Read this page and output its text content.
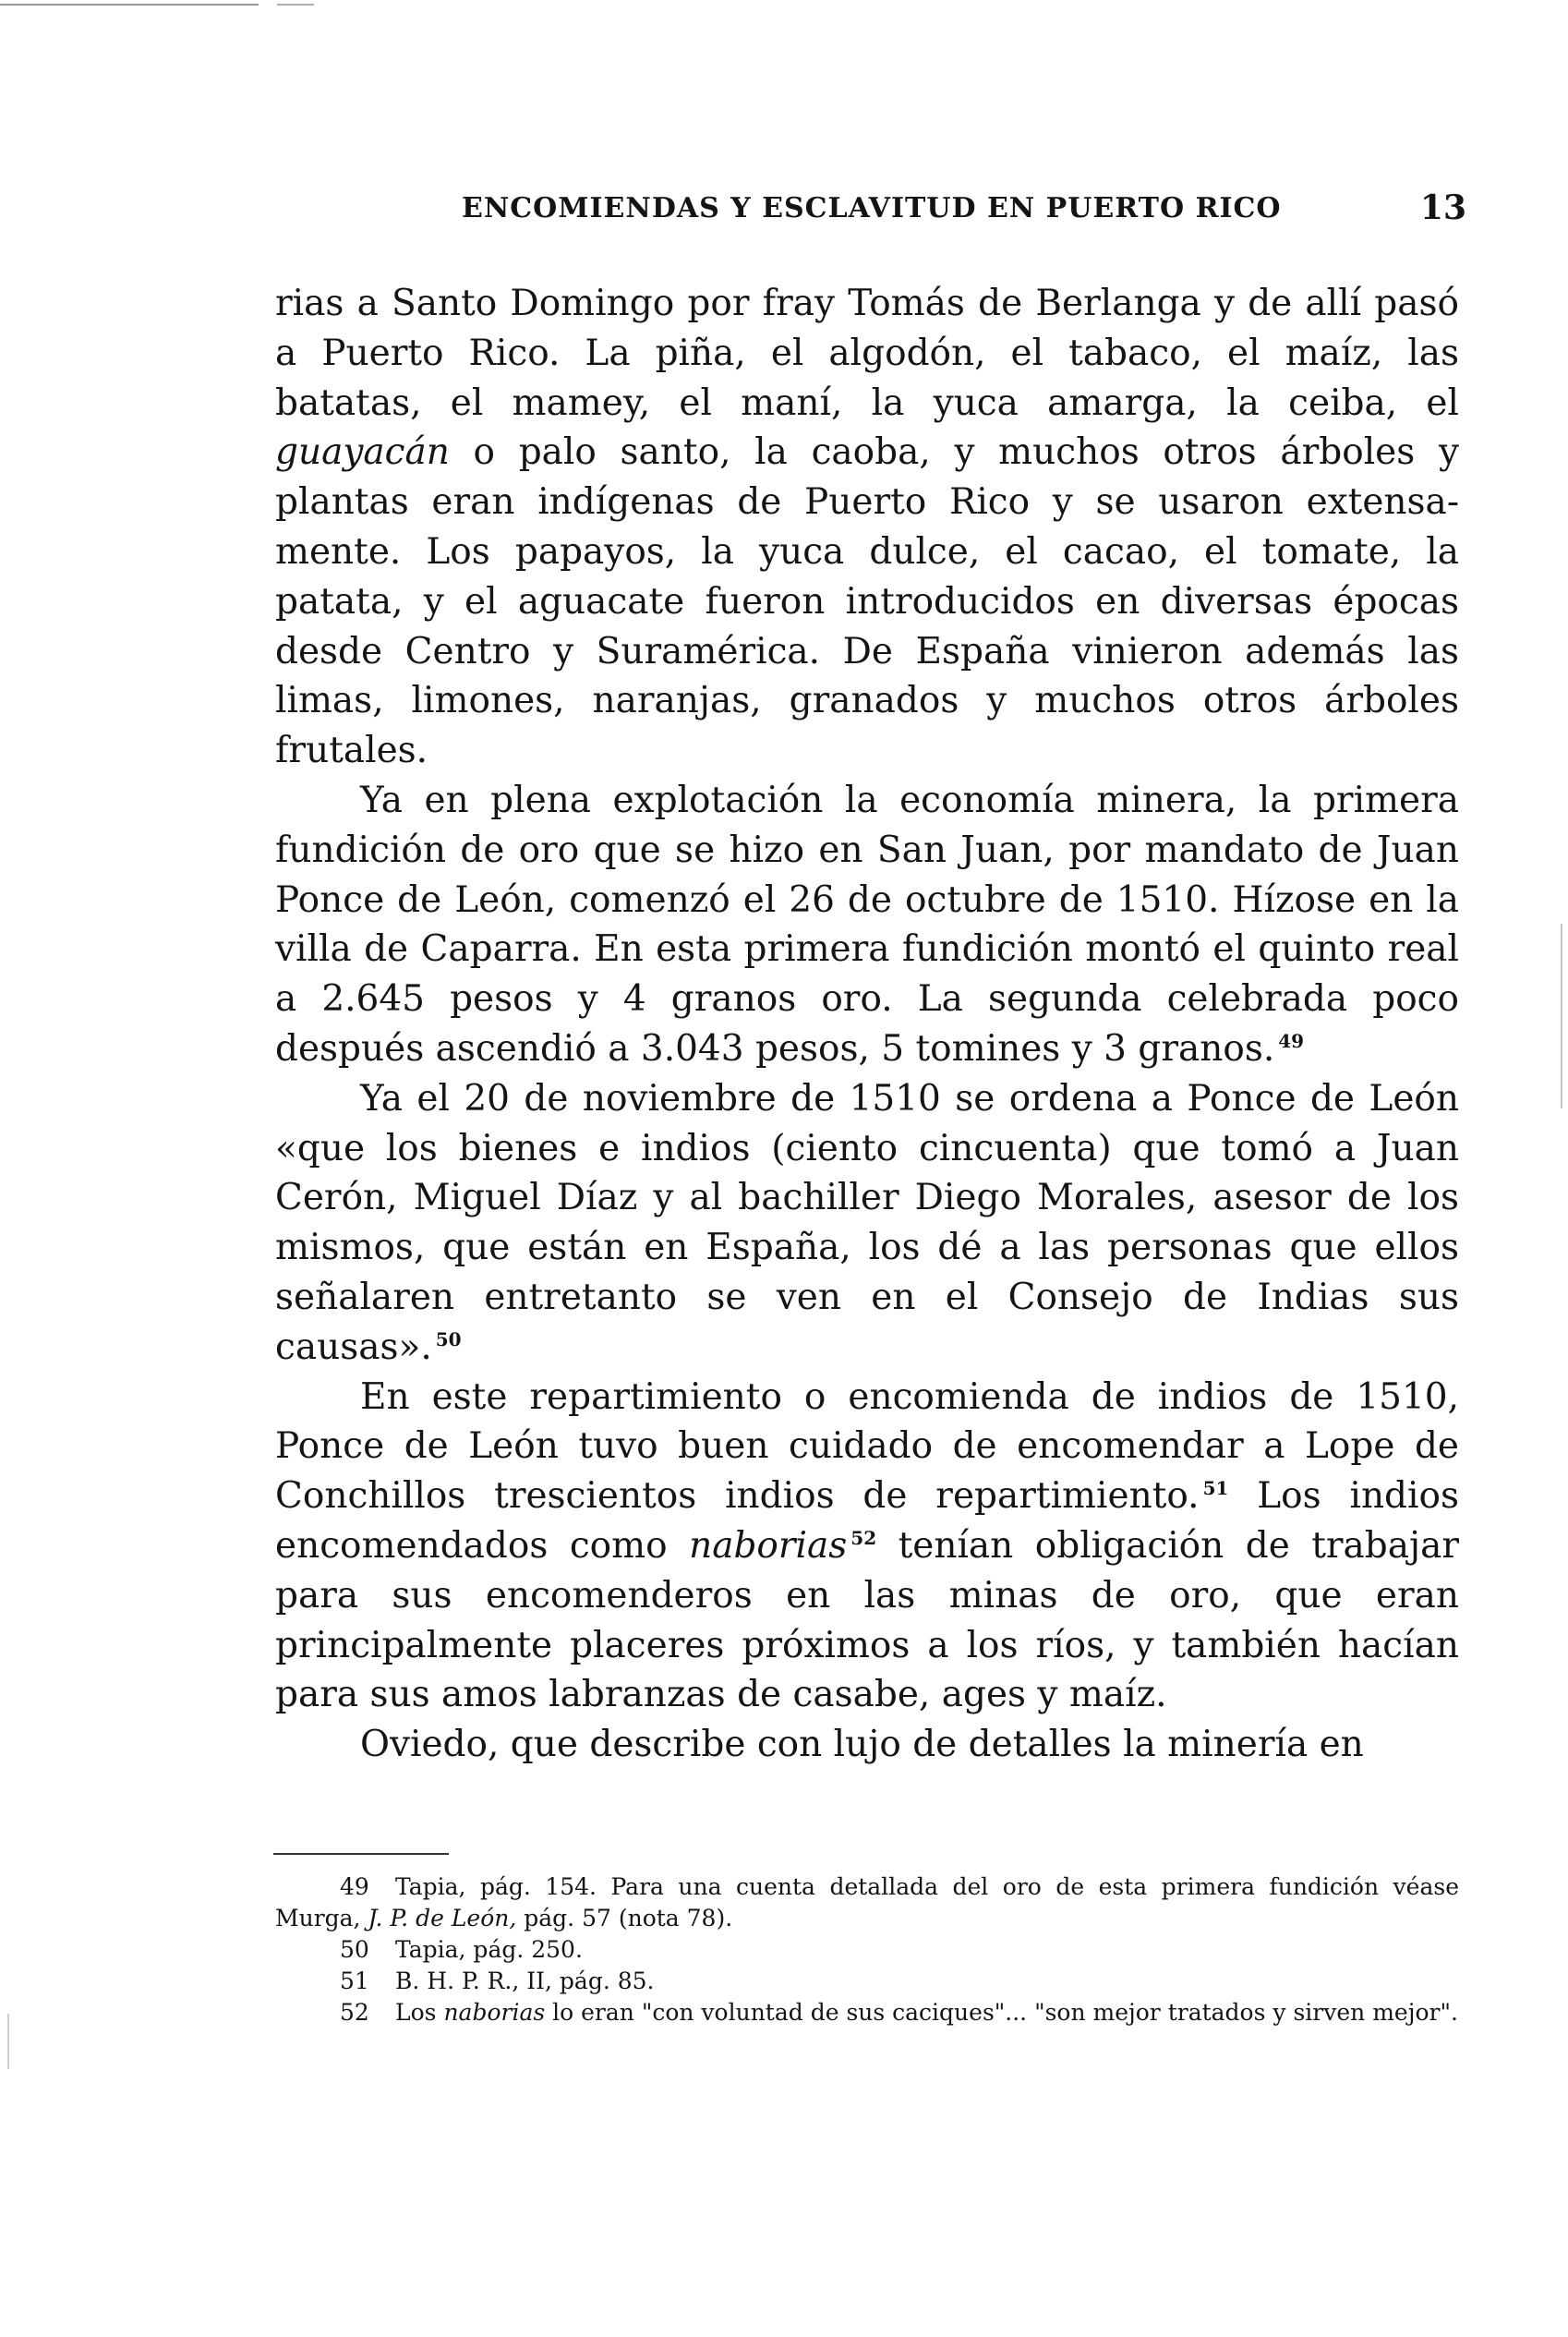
ENCOMIENDAS Y ESCLAVITUD EN PUERTO RICO	13

rias a Santo Domingo por fray Tomás de Berlanga y de allí pasó a Puerto Rico. La piña, el algodón, el tabaco, el maíz, las batatas, el mamey, el maní, la yuca amarga, la ceiba, el guayacán o palo santo, la caoba, y muchos otros árboles y plantas eran indígenas de Puerto Rico y se usaron extensamente. Los papayos, la yuca dulce, el cacao, el tomate, la patata, y el aguacate fueron introducidos en diversas épocas desde Centro y Suramérica. De España vinieron además las limas, limones, naranjas, granados y muchos otros árboles frutales.

Ya en plena explotación la economía minera, la primera fundición de oro que se hizo en San Juan, por mandato de Juan Ponce de León, comenzó el 26 de octubre de 1510. Hízose en la villa de Caparra. En esta primera fundición montó el quinto real a 2.645 pesos y 4 granos oro. La segunda celebrada poco después ascendió a 3.043 pesos, 5 tomines y 3 granos. $^{49}$

Ya el 20 de noviembre de 1510 se ordena a Ponce de León «que los bienes e indios (ciento cincuenta) que tomó a Juan Cerón, Miguel Díaz y al bachiller Diego Morales, asesor de los mismos, que están en España, los dé a las personas que ellos señalaren entretanto se ven en el Consejo de Indias sus causas». $^{50}$

En este repartimiento o encomienda de indios de 1510, Ponce de León tuvo buen cuidado de encomendar a Lope de Conchillos trescientos indios de repartimiento. $^{51}$ Los indios encomendados como naborias $^{52}$ tenían obligación de trabajar para sus encomenderos en las minas de oro, que eran principalmente placeres próximos a los ríos, y también hacían para sus amos labranzas de casabe, ages y maíz.

Oviedo, que describe con lujo de detalles la minería en

49 Tapia, pág. 154. Para una cuenta detallada del oro de esta primera fundición véase Murga, J. P. de León, pág. 57 (nota 78).

50 Tapia, pág. 250.

51 B. H. P. R., II, pág. 85.

52 Los naborias lo eran "con voluntad de sus caciques"... "son mejor tratados y sirven mejor".
